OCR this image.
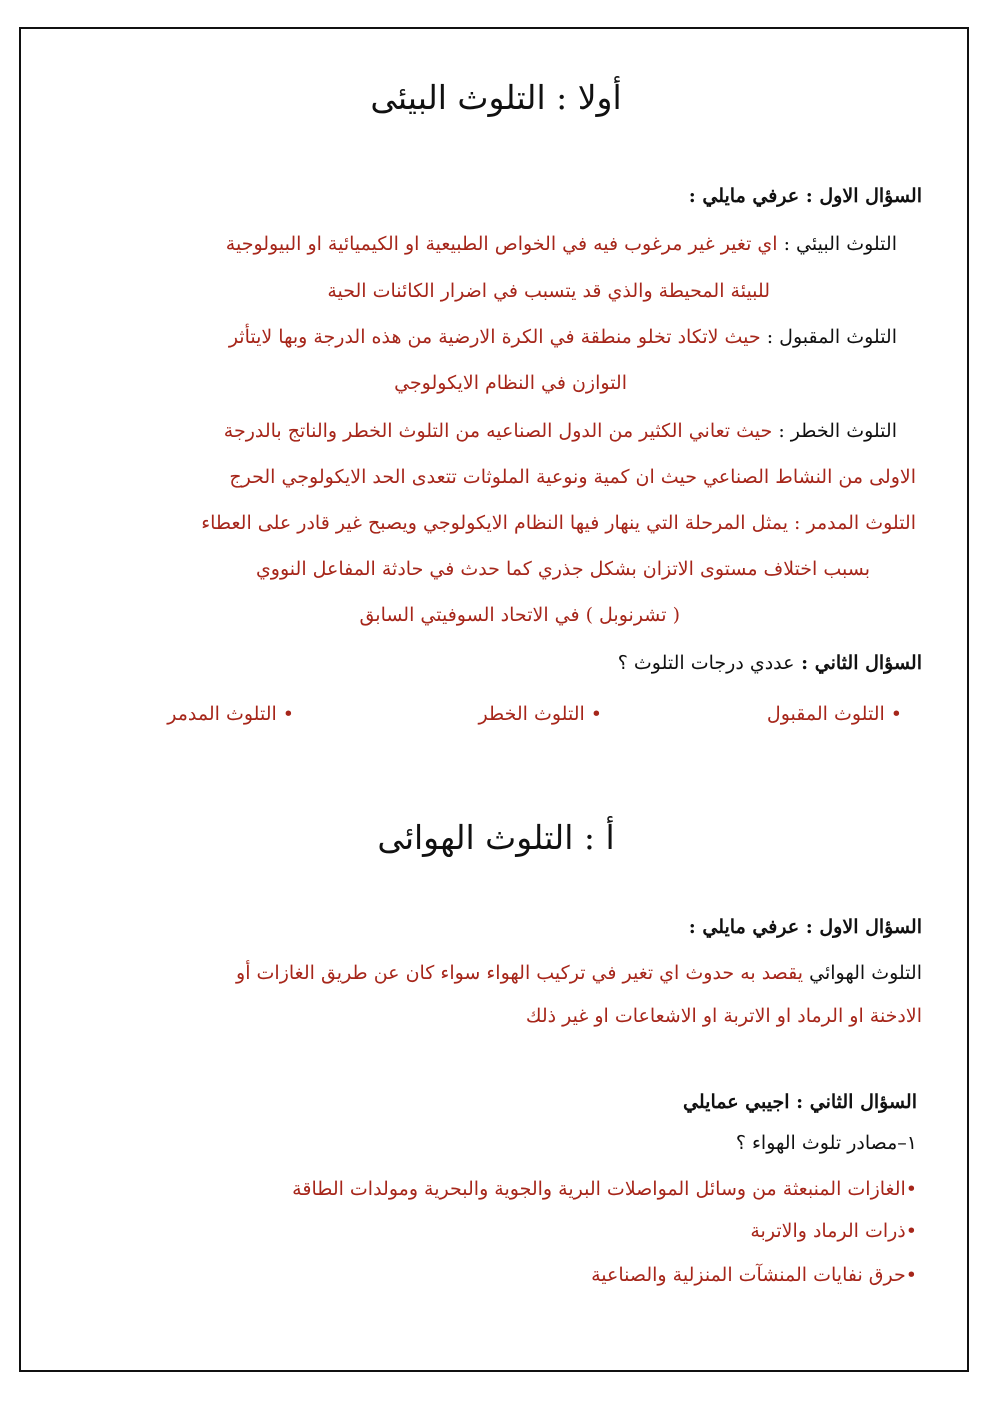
أولا : التلوث البيئى

السؤال الاول : عرفي مايلي :

التلوث البيئي : اي تغير غير مرغوب فيه في الخواص الطبيعية او الكيميائية او البيولوجية

للبيئة المحيطة والذي قد يتسبب في اضرار الكائنات الحية

التلوث المقبول : حيث لاتكاد تخلو منطقة في الكرة الارضية من هذه الدرجة وبها لايتأثر

التوازن في النظام الايكولوجي

التلوث الخطر : حيث تعاني الكثير من الدول الصناعيه من التلوث الخطر والناتج بالدرجة

الاولى من النشاط الصناعي حيث ان كمية ونوعية الملوثات تتعدى الحد الايكولوجي الحرج

التلوث المدمر : يمثل المرحلة التي ينهار فيها النظام الايكولوجي ويصبح غير قادر على العطاء

بسبب اختلاف مستوى الاتزان بشكل جذري كما حدث في حادثة المفاعل النووي

( تشرنوبل ) في الاتحاد السوفيتي السابق

السؤال الثاني : عددي درجات التلوث ؟

•التلوث المقبول
•التلوث الخطر
•التلوث المدمر
أ : التلوث الهوائى

السؤال الاول : عرفي مايلي :

التلوث الهوائي يقصد به حدوث اي تغير في تركيب الهواء سواء كان عن طريق الغازات أو

الادخنة او الرماد او الاتربة او الاشعاعات او غير ذلك

السؤال الثاني : اجيبي عمايلي

١–مصادر تلوث الهواء ؟

•الغازات المنبعثة من وسائل المواصلات البرية والجوية والبحرية ومولدات الطاقة
•ذرات الرماد والاتربة
•حرق نفايات المنشآت المنزلية والصناعية
